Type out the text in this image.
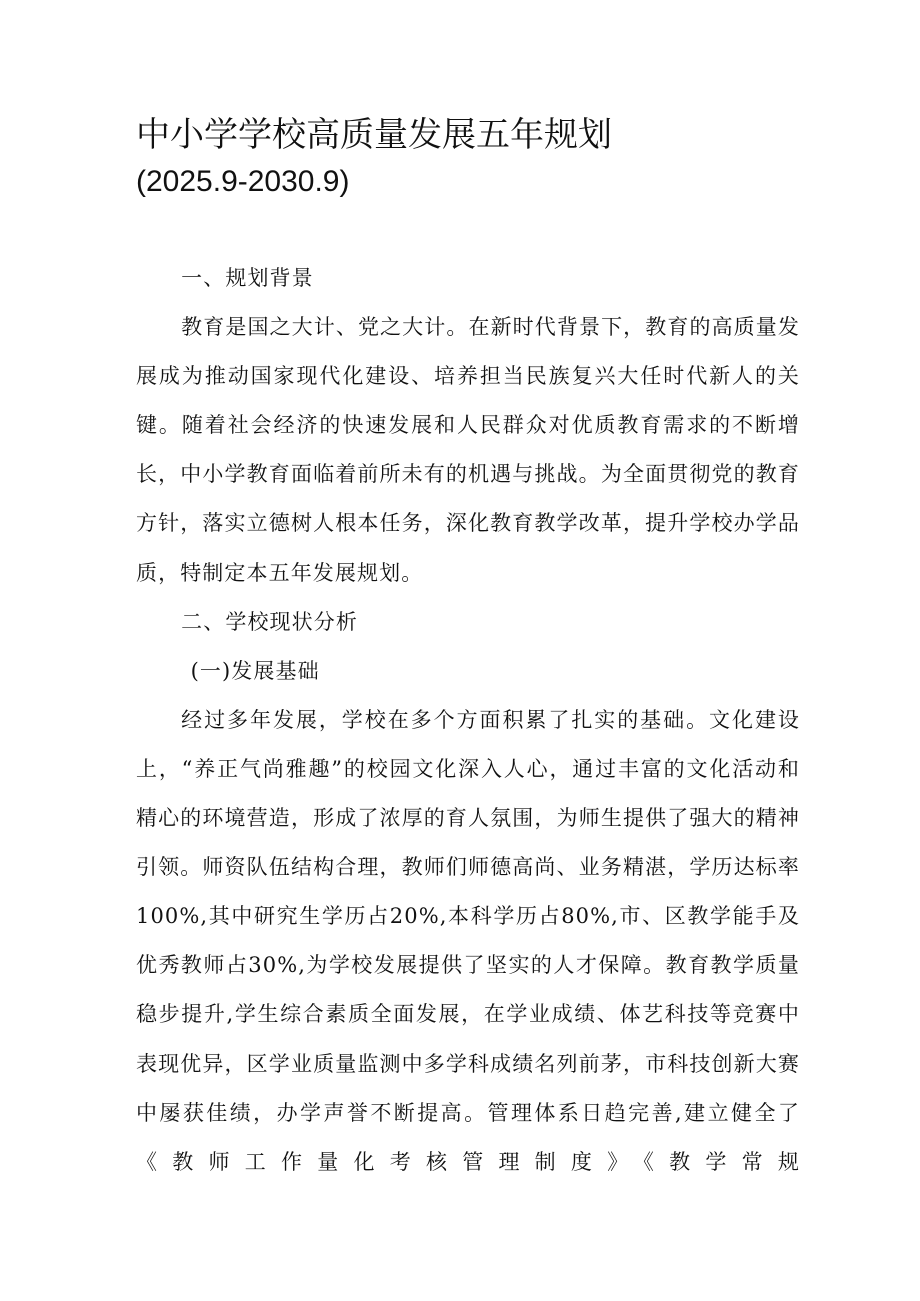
中小学学校高质量发展五年规划
(2025.9-2030.9)

一、规划背景

教育是国之大计、党之大计。在新时代背景下，教育的高质量发展成为推动国家现代化建设、培养担当民族复兴大任时代新人的关键。随着社会经济的快速发展和人民群众对优质教育需求的不断增长，中小学教育面临着前所未有的机遇与挑战。为全面贯彻党的教育方针，落实立德树人根本任务，深化教育教学改革，提升学校办学品质，特制定本五年发展规划。

二、学校现状分析

(一)发展基础

经过多年发展，学校在多个方面积累了扎实的基础。文化建设上，“养正气尚雅趣”的校园文化深入人心，通过丰富的文化活动和精心的环境营造，形成了浓厚的育人氛围，为师生提供了强大的精神引领。师资队伍结构合理，教师们师德高尚、业务精湛，学历达标率100%,其中研究生学历占20%,本科学历占80%,市、区教学能手及优秀教师占30%,为学校发展提供了坚实的人才保障。教育教学质量稳步提升,学生综合素质全面发展，在学业成绩、体艺科技等竞赛中表现优异，区学业质量监测中多学科成绩名列前茅，市科技创新大赛中屡获佳绩，办学声誉不断提高。管理体系日趋完善,建立健全了《教师工作量化考核管理制度》《教学常规
